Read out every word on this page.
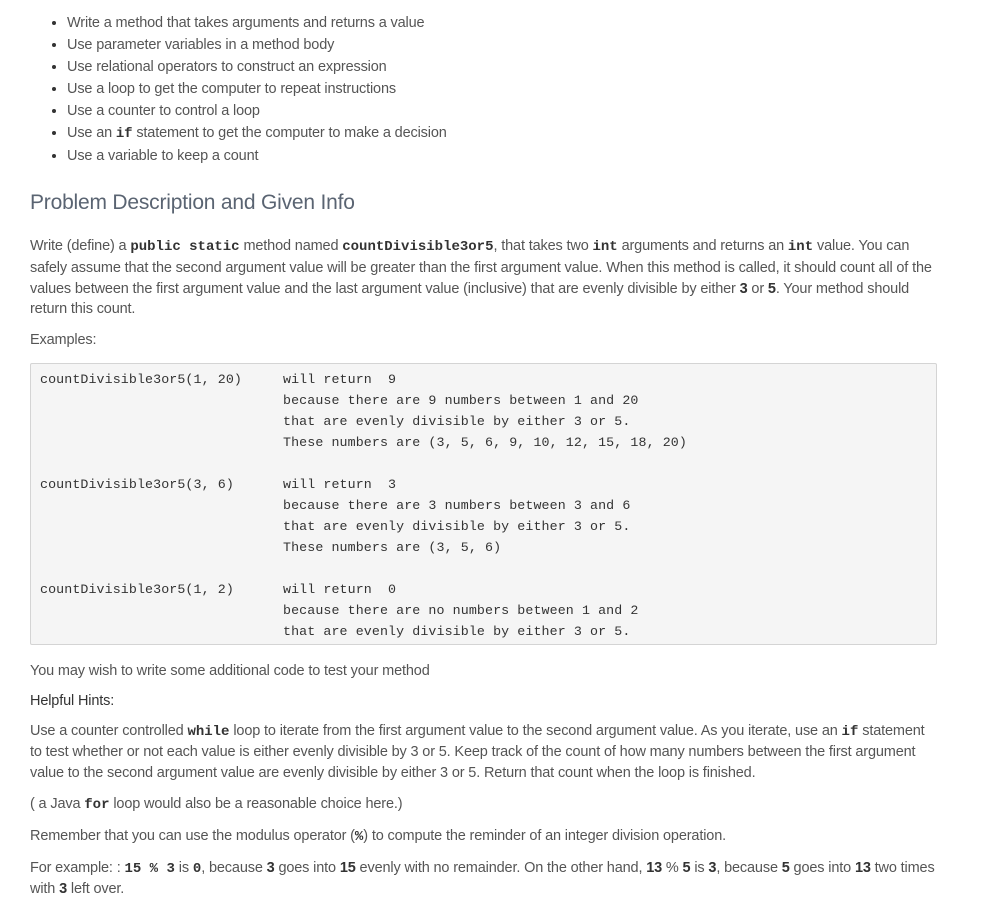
• Write a method that takes arguments and returns a value
• Use parameter variables in a method body
• Use relational operators to construct an expression
• Use a loop to get the computer to repeat instructions
• Use a counter to control a loop
• Use an if statement to get the computer to make a decision
• Use a variable to keep a count
Problem Description and Given Info

Write (define) a public static method named countDivisible3or5, that takes two int arguments and returns an int value. You can safely assume that the second argument value will be greater than the first argument value. When this method is called, it should count all of the values between the first argument value and the last argument value (inclusive) that are evenly divisible by either 3 or 5. Your method should return this count.

Examples:

countDivisible3or5(1, 20)	will return  9
because there are 9 numbers between 1 and 20
that are evenly divisible by either 3 or 5.
These numbers are (3, 5, 6, 9, 10, 12, 15, 18, 20)
countDivisible3or5(3, 6)	will return  3
because there are 3 numbers between 3 and 6
that are evenly divisible by either 3 or 5.
These numbers are (3, 5, 6)
countDivisible3or5(1, 2)	will return  0
because there are no numbers between 1 and 2
that are evenly divisible by either 3 or 5.

You may wish to write some additional code to test your method

Helpful Hints:

Use a counter controlled while loop to iterate from the first argument value to the second argument value. As you iterate, use an if statement to test whether or not each value is either evenly divisible by 3 or 5. Keep track of the count of how many numbers between the first argument value to the second argument value are evenly divisible by either 3 or 5. Return that count when the loop is finished.

( a Java for loop would also be a reasonable choice here.)

Remember that you can use the modulus operator (%) to compute the reminder of an integer division operation.

For example: : 15 % 3 is 0, because 3 goes into 15 evenly with no remainder. On the other hand, 13 % 5 is 3, because 5 goes into 13 two times with 3 left over.
